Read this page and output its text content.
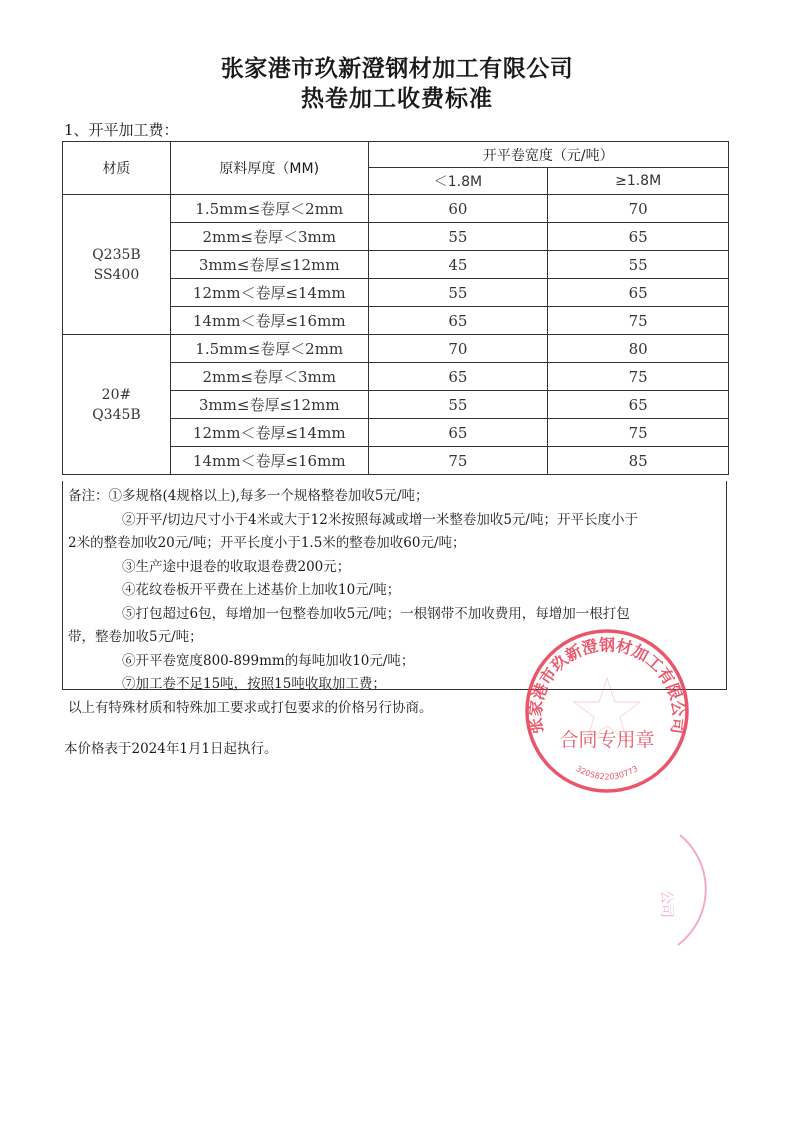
张家港市玖新澄钢材加工有限公司
热卷加工收费标准
1、开平加工费：
材质	原料厚度（MM)	开平卷宽度（元/吨）	
		＜1.8M	≥1.8M

Q235B
SS400	1.5mm≤卷厚＜2mm	60	70
	2mm≤卷厚＜3mm	55	65
	3mm≤卷厚≤12mm	45	55
	12mm＜卷厚≤14mm	55	65
	14mm＜卷厚≤16mm	65	75

20#
Q345B	1.5mm≤卷厚＜2mm	70	80
	2mm≤卷厚＜3mm	65	75
	3mm≤卷厚≤12mm	55	65
	12mm＜卷厚≤14mm	65	75
	14mm＜卷厚≤16mm	75	85

备注：①多规格(4规格以上),每多一个规格整卷加收5元/吨；

②开平/切边尺寸小于4米或大于12米按照每减或增一米整卷加收5元/吨；开平长度小于

2米的整卷加收20元/吨；开平长度小于1.5米的整卷加收60元/吨；

③生产途中退卷的收取退卷费200元；

④花纹卷板开平费在上述基价上加收10元/吨；

⑤打包超过6包，每增加一包整卷加收5元/吨；一根钢带不加收费用，每增加一根打包

带，整卷加收5元/吨；

⑥开平卷宽度800-899mm的每吨加收10元/吨；

⑦加工卷不足15吨，按照15吨收取加工费；

以上有特殊材质和特殊加工要求或打包要求的价格另行协商。

本价格表于2024年1月1日起执行。
张家港市玖新澄钢材加工有限公司
合同专用章
3205822030773
公司
